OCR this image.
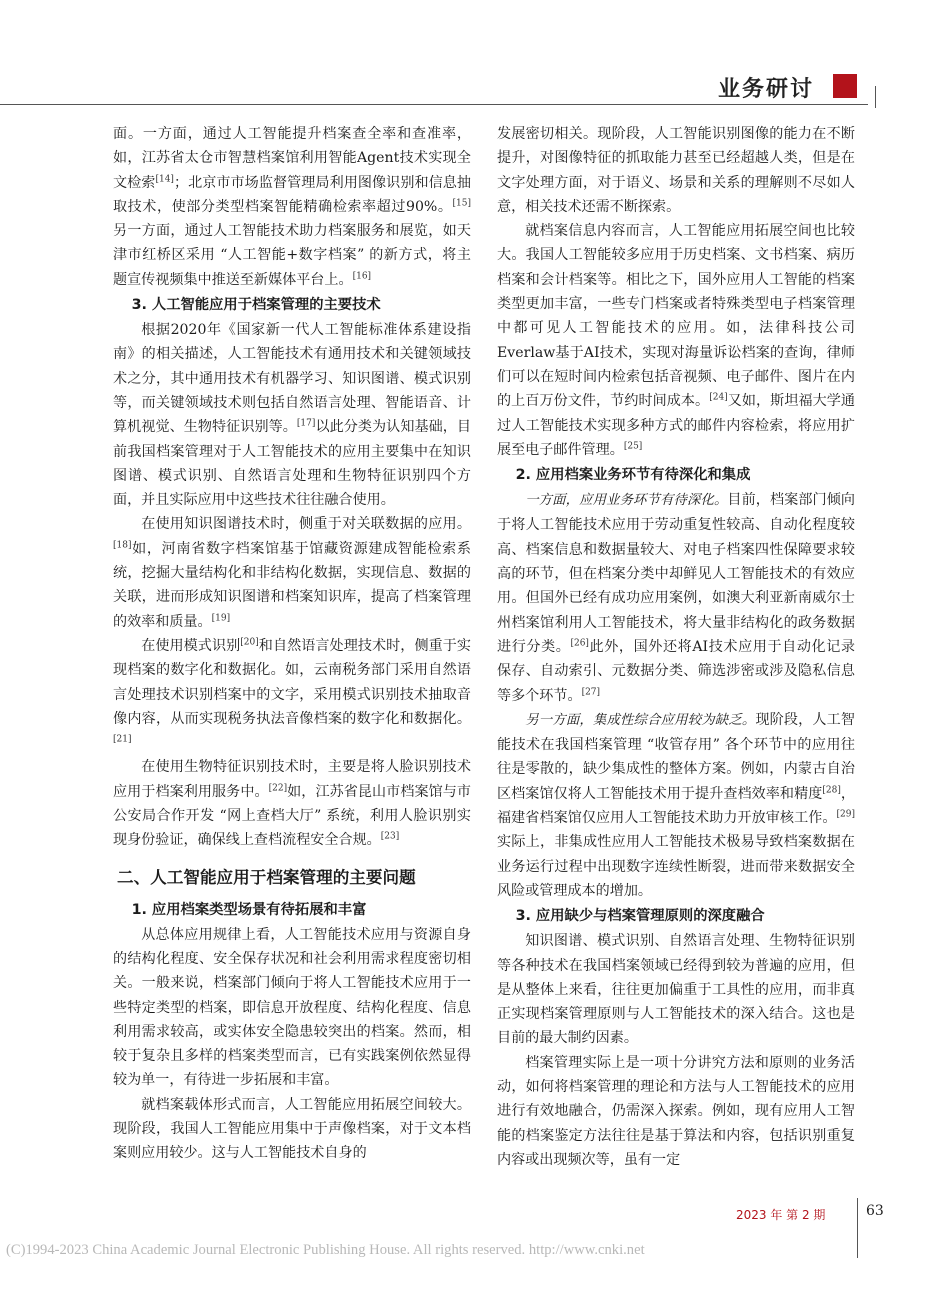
业务研讨

面。一方面，通过人工智能提升档案查全率和查准率，如，江苏省太仓市智慧档案馆利用智能Agent技术实现全文检索[14]；北京市市场监督管理局利用图像识别和信息抽取技术，使部分类型档案智能精确检索率超过90%。[15]另一方面，通过人工智能技术助力档案服务和展览，如天津市红桥区采用 “人工智能+数字档案” 的新方式，将主题宣传视频集中推送至新媒体平台上。[16]

3. 人工智能应用于档案管理的主要技术

根据2020年《国家新一代人工智能标准体系建设指南》的相关描述，人工智能技术有通用技术和关键领域技术之分，其中通用技术有机器学习、知识图谱、模式识别等，而关键领域技术则包括自然语言处理、智能语音、计算机视觉、生物特征识别等。[17]以此分类为认知基础，目前我国档案管理对于人工智能技术的应用主要集中在知识图谱、模式识别、自然语言处理和生物特征识别四个方面，并且实际应用中这些技术往往融合使用。

在使用知识图谱技术时，侧重于对关联数据的应用。[18]如，河南省数字档案馆基于馆藏资源建成智能检索系统，挖掘大量结构化和非结构化数据，实现信息、数据的关联，进而形成知识图谱和档案知识库，提高了档案管理的效率和质量。[19]

在使用模式识别[20]和自然语言处理技术时，侧重于实现档案的数字化和数据化。如，云南税务部门采用自然语言处理技术识别档案中的文字，采用模式识别技术抽取音像内容，从而实现税务执法音像档案的数字化和数据化。[21]

在使用生物特征识别技术时，主要是将人脸识别技术应用于档案利用服务中。[22]如，江苏省昆山市档案馆与市公安局合作开发 “网上查档大厅” 系统，利用人脸识别实现身份验证，确保线上查档流程安全合规。[23]

二、人工智能应用于档案管理的主要问题
1. 应用档案类型场景有待拓展和丰富

从总体应用规律上看，人工智能技术应用与资源自身的结构化程度、安全保存状况和社会利用需求程度密切相关。一般来说，档案部门倾向于将人工智能技术应用于一些特定类型的档案，即信息开放程度、结构化程度、信息利用需求较高，或实体安全隐患较突出的档案。然而，相较于复杂且多样的档案类型而言，已有实践案例依然显得较为单一，有待进一步拓展和丰富。

就档案载体形式而言，人工智能应用拓展空间较大。现阶段，我国人工智能应用集中于声像档案，对于文本档案则应用较少。这与人工智能技术自身的

发展密切相关。现阶段，人工智能识别图像的能力在不断提升，对图像特征的抓取能力甚至已经超越人类，但是在文字处理方面，对于语义、场景和关系的理解则不尽如人意，相关技术还需不断探索。

就档案信息内容而言，人工智能应用拓展空间也比较大。我国人工智能较多应用于历史档案、文书档案、病历档案和会计档案等。相比之下，国外应用人工智能的档案类型更加丰富，一些专门档案或者特殊类型电子档案管理中都可见人工智能技术的应用。如，法律科技公司Everlaw基于AI技术，实现对海量诉讼档案的查询，律师们可以在短时间内检索包括音视频、电子邮件、图片在内的上百万份文件，节约时间成本。[24]又如，斯坦福大学通过人工智能技术实现多种方式的邮件内容检索，将应用扩展至电子邮件管理。[25]

2. 应用档案业务环节有待深化和集成

一方面，应用业务环节有待深化。目前，档案部门倾向于将人工智能技术应用于劳动重复性较高、自动化程度较高、档案信息和数据量较大、对电子档案四性保障要求较高的环节，但在档案分类中却鲜见人工智能技术的有效应用。但国外已经有成功应用案例，如澳大利亚新南威尔士州档案馆利用人工智能技术，将大量非结构化的政务数据进行分类。[26]此外，国外还将AI技术应用于自动化记录保存、自动索引、元数据分类、筛选涉密或涉及隐私信息等多个环节。[27]

另一方面，集成性综合应用较为缺乏。现阶段，人工智能技术在我国档案管理 “收管存用” 各个环节中的应用往往是零散的，缺少集成性的整体方案。例如，内蒙古自治区档案馆仅将人工智能技术用于提升查档效率和精度[28]，福建省档案馆仅应用人工智能技术助力开放审核工作。[29]实际上，非集成性应用人工智能技术极易导致档案数据在业务运行过程中出现数字连续性断裂，进而带来数据安全风险或管理成本的增加。

3. 应用缺少与档案管理原则的深度融合

知识图谱、模式识别、自然语言处理、生物特征识别等各种技术在我国档案领域已经得到较为普遍的应用，但是从整体上来看，往往更加偏重于工具性的应用，而非真正实现档案管理原则与人工智能技术的深入结合。这也是目前的最大制约因素。

档案管理实际上是一项十分讲究方法和原则的业务活动，如何将档案管理的理论和方法与人工智能技术的应用进行有效地融合，仍需深入探索。例如，现有应用人工智能的档案鉴定方法往往是基于算法和内容，包括识别重复内容或出现频次等，虽有一定

2023 年 第 2 期	63
(C)1994-2023 China Academic Journal Electronic Publishing House. All rights reserved. http://www.cnki.net
